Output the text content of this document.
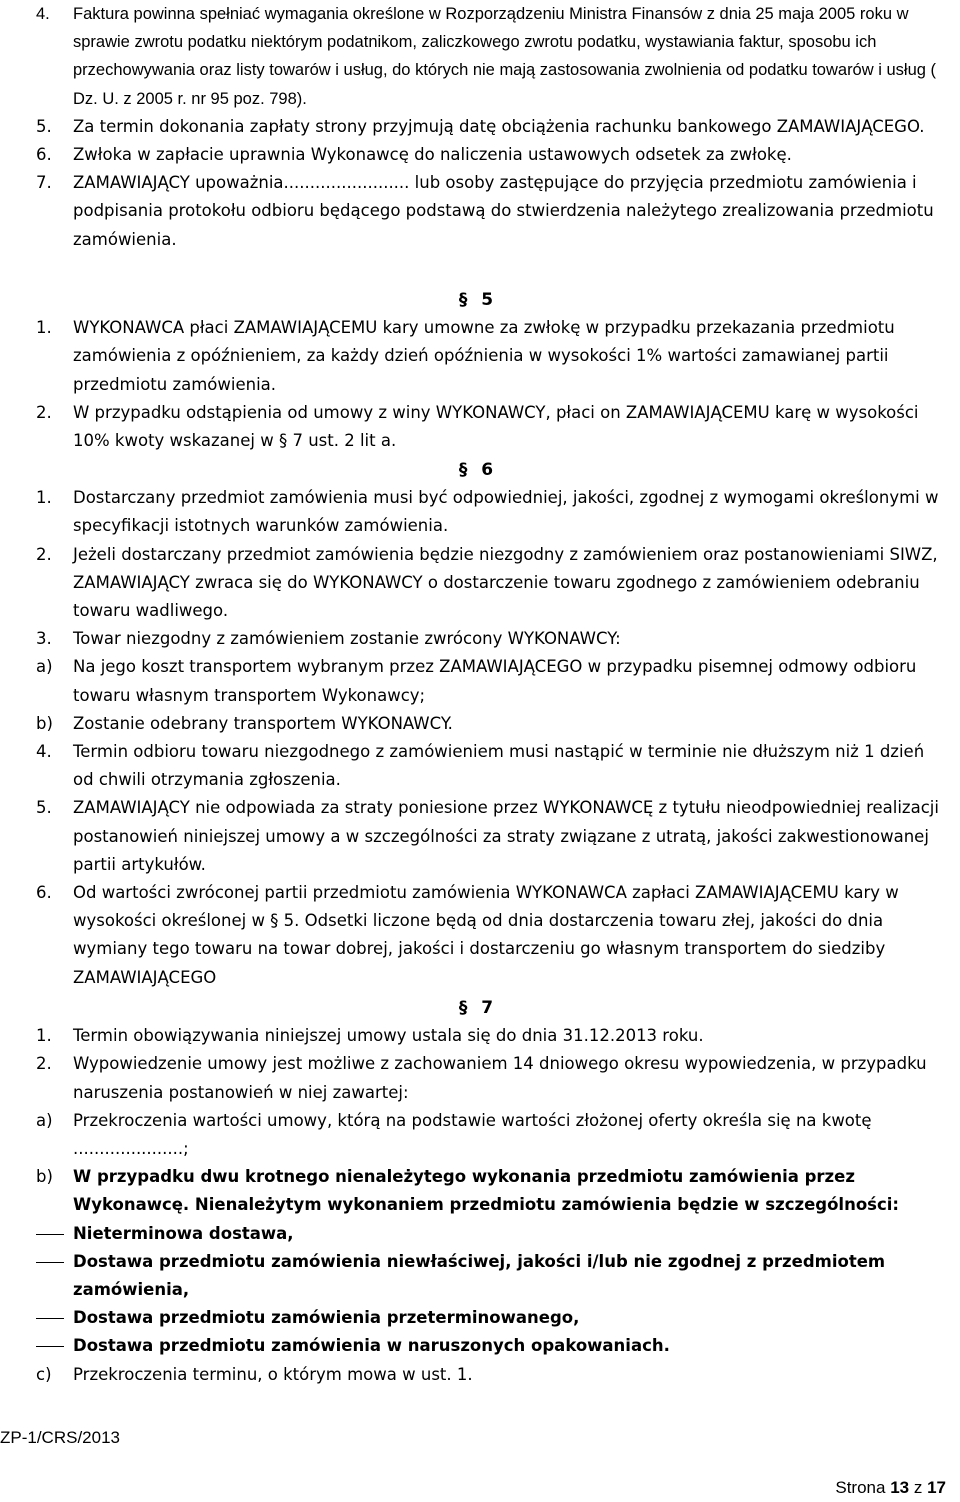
4. Faktura powinna spełniać wymagania określone w Rozporządzeniu Ministra Finansów z dnia 25 maja 2005 roku w sprawie zwrotu podatku niektórym podatnikom, zaliczkowego zwrotu podatku, wystawiania faktur, sposobu ich przechowywania oraz listy towarów i usług, do których nie mają zastosowania zwolnienia od podatku towarów i usług ( Dz. U. z 2005 r. nr 95 poz. 798).
5. Za termin dokonania zapłaty strony przyjmują datę obciążenia rachunku bankowego ZAMAWIAJĄCEGO.
6. Zwłoka w zapłacie uprawnia Wykonawcę do naliczenia ustawowych odsetek za zwłokę.
7. ZAMAWIAJĄCY upoważnia........................ lub osoby zastępujące do przyjęcia przedmiotu zamówienia i podpisania protokołu odbioru będącego podstawą do stwierdzenia należytego zrealizowania przedmiotu zamówienia.
§ 5
1. WYKONAWCA płaci ZAMAWIAJĄCEMU kary umowne za zwłokę w przypadku przekazania przedmiotu zamówienia z opóźnieniem, za każdy dzień opóźnienia w wysokości 1% wartości zamawianej partii przedmiotu zamówienia.
2. W przypadku odstąpienia od umowy z winy WYKONAWCY, płaci on ZAMAWIAJĄCEMU karę w wysokości 10% kwoty wskazanej w § 7 ust. 2 lit a.
§ 6
1. Dostarczany przedmiot zamówienia musi być odpowiedniej, jakości, zgodnej z wymogami określonymi w specyfikacji istotnych warunków zamówienia.
2. Jeżeli dostarczany przedmiot zamówienia będzie niezgodny z zamówieniem oraz postanowieniami SIWZ, ZAMAWIAJĄCY zwraca się do WYKONAWCY o dostarczenie towaru zgodnego z zamówieniem odebraniu towaru wadliwego.
3. Towar niezgodny z zamówieniem zostanie zwrócony WYKONAWCY:
a) Na jego koszt transportem wybranym przez ZAMAWIAJĄCEGO w przypadku pisemnej odmowy odbioru towaru własnym transportem Wykonawcy;
b) Zostanie odebrany transportem WYKONAWCY.
4. Termin odbioru towaru niezgodnego z zamówieniem musi nastąpić w terminie nie dłuższym niż 1 dzień od chwili otrzymania zgłoszenia.
5. ZAMAWIAJĄCY nie odpowiada za straty poniesione przez WYKONAWCĘ z tytułu nieodpowiedniej realizacji postanowień niniejszej umowy a w szczególności za straty związane z utratą, jakości zakwestionowanej partii artykułów.
6. Od wartości zwróconej partii przedmiotu zamówienia WYKONAWCA zapłaci ZAMAWIAJĄCEMU kary w wysokości określonej w § 5. Odsetki liczone będą od dnia dostarczenia towaru złej, jakości do dnia wymiany tego towaru na towar dobrej, jakości i dostarczeniu go własnym transportem do siedziby ZAMAWIAJĄCEGO
§ 7
1. Termin obowiązywania niniejszej umowy ustala się do dnia 31.12.2013 roku.
2. Wypowiedzenie umowy jest możliwe z zachowaniem 14 dniowego okresu wypowiedzenia, w przypadku naruszenia postanowień w niej zawartej:
a) Przekroczenia wartości umowy, którą na podstawie wartości złożonej oferty określa się na kwotę .....................;
b) W przypadku dwu krotnego nienależytego wykonania przedmiotu zamówienia przez Wykonawcę. Nienależytym wykonaniem przedmiotu zamówienia będzie w szczególności:
Nieterminowa dostawa,
Dostawa przedmiotu zamówienia niewłaściwej, jakości i/lub nie zgodnej z przedmiotem zamówienia,
Dostawa przedmiotu zamówienia przeterminowanego,
Dostawa przedmiotu zamówienia w naruszonych opakowaniach.
c) Przekroczenia terminu, o którym mowa w ust. 1.
ZP-1/CRS/2013
Strona 13 z 17
